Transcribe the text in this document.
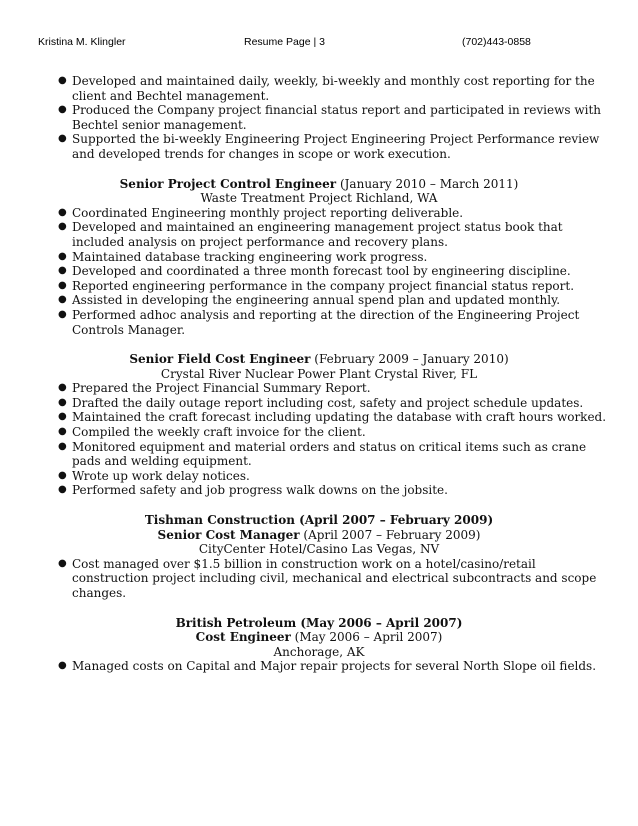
Kristina M. Klingler	Resume Page | 3	(702)443-0858
● Developed and maintained daily, weekly, bi-weekly and monthly cost reporting for the client and Bechtel management.
● Produced the Company project financial status report and participated in reviews with Bechtel senior management.
● Supported the bi-weekly Engineering Project Engineering Project Performance review and developed trends for changes in scope or work execution.
Senior Project Control Engineer (January 2010 – March 2011)
Waste Treatment Project Richland, WA
● Coordinated Engineering monthly project reporting deliverable.
● Developed and maintained an engineering management project status book that included analysis on project performance and recovery plans.
● Maintained database tracking engineering work progress.
● Developed and coordinated a three month forecast tool by engineering discipline.
● Reported engineering performance in the company project financial status report.
● Assisted in developing the engineering annual spend plan and updated monthly.
● Performed adhoc analysis and reporting at the direction of the Engineering Project Controls Manager.
Senior Field Cost Engineer (February 2009 – January 2010)
Crystal River Nuclear Power Plant Crystal River, FL
● Prepared the Project Financial Summary Report.
● Drafted the daily outage report including cost, safety and project schedule updates.
● Maintained the craft forecast including updating the database with craft hours worked.
● Compiled the weekly craft invoice for the client.
● Monitored equipment and material orders and status on critical items such as crane pads and welding equipment.
● Wrote up work delay notices.
● Performed safety and job progress walk downs on the jobsite.
Tishman Construction (April 2007 – February 2009)
Senior Cost Manager (April 2007 – February 2009)
CityCenter Hotel/Casino Las Vegas, NV
● Cost managed over $1.5 billion in construction work on a hotel/casino/retail construction project including civil, mechanical and electrical subcontracts and scope changes.
British Petroleum (May 2006 – April 2007)
Cost Engineer (May 2006 – April 2007)
Anchorage, AK
● Managed costs on Capital and Major repair projects for several North Slope oil fields.
